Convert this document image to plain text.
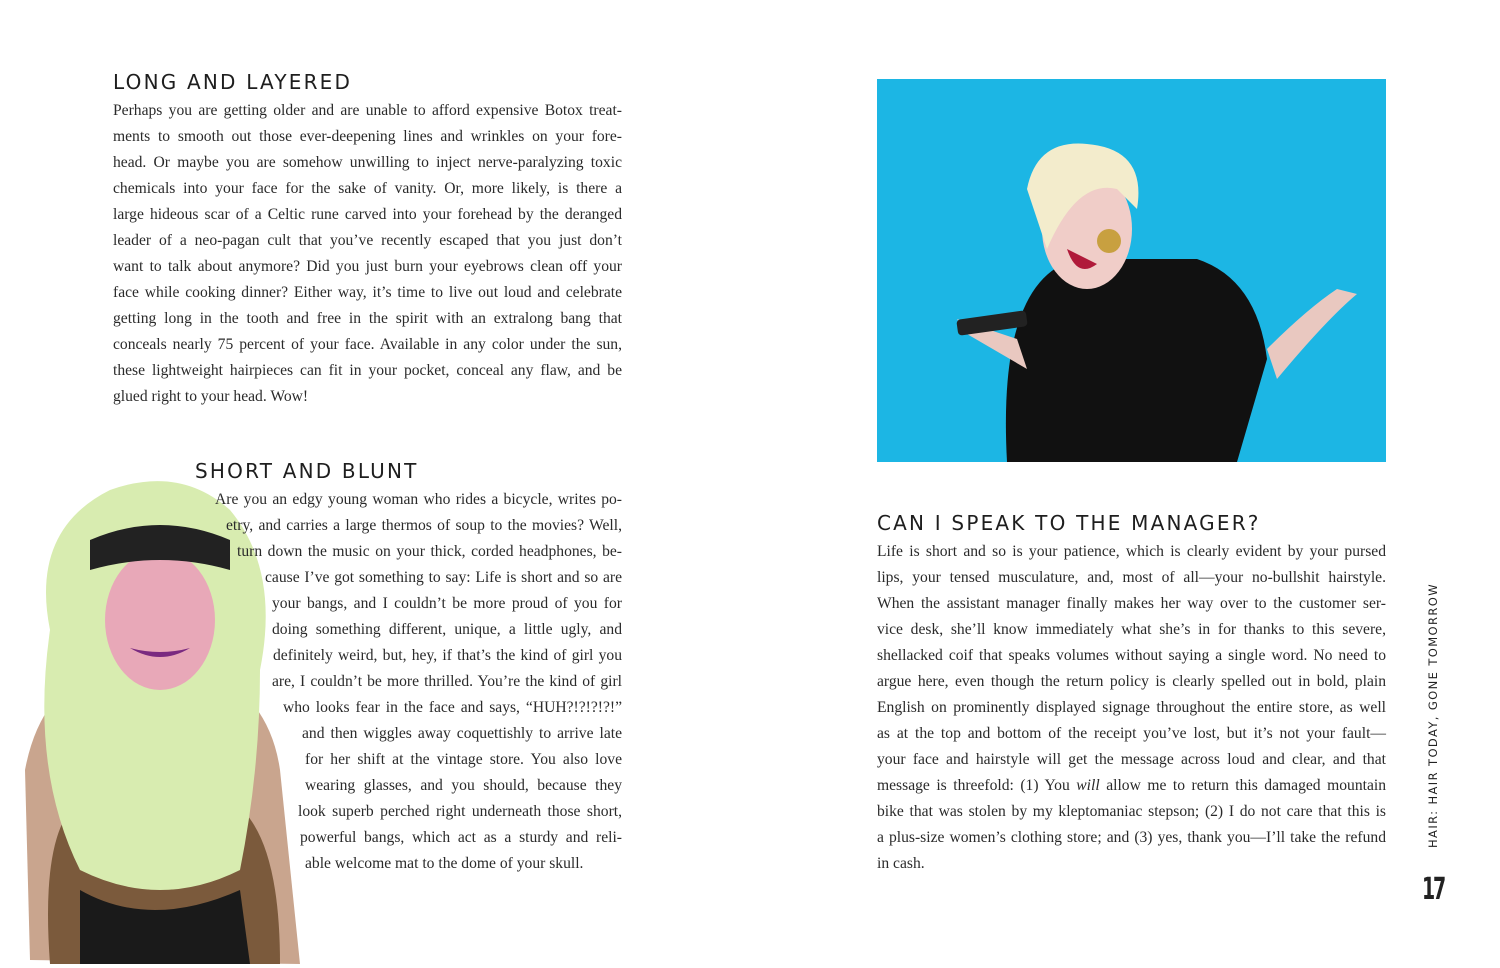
LONG AND LAYERED
Perhaps you are getting older and are unable to afford expensive Botox treat-
ments to smooth out those ever-deepening lines and wrinkles on your fore-
head. Or maybe you are somehow unwilling to inject nerve-paralyzing toxic
chemicals into your face for the sake of vanity. Or, more likely, is there a
large hideous scar of a Celtic rune carved into your forehead by the deranged
leader of a neo-pagan cult that you’ve recently escaped that you just don’t
want to talk about anymore? Did you just burn your eyebrows clean off your
face while cooking dinner? Either way, it’s time to live out loud and celebrate
getting long in the tooth and free in the spirit with an extralong bang that
conceals nearly 75 percent of your face. Available in any color under the sun,
these lightweight hairpieces can fit in your pocket, conceal any flaw, and be
glued right to your head. Wow!
SHORT AND BLUNT
Are you an edgy young woman who rides a bicycle, writes po-
etry, and carries a large thermos of soup to the movies? Well,
turn down the music on your thick, corded headphones, be-
cause I’ve got something to say: Life is short and so are
your bangs, and I couldn’t be more proud of you for
doing something different, unique, a little ugly, and
definitely weird, but, hey, if that’s the kind of girl you
are, I couldn’t be more thrilled. You’re the kind of girl
who looks fear in the face and says, “HUH?!?!?!?!”
and then wiggles away coquettishly to arrive late
for her shift at the vintage store. You also love
wearing glasses, and you should, because they
look superb perched right underneath those short,
powerful bangs, which act as a sturdy and reli-
able welcome mat to the dome of your skull.
CAN I SPEAK TO THE MANAGER?
Life is short and so is your patience, which is clearly evident by your pursed
lips, your tensed musculature, and, most of all—your no-bullshit hairstyle.
When the assistant manager finally makes her way over to the customer ser-
vice desk, she’ll know immediately what she’s in for thanks to this severe,
shellacked coif that speaks volumes without saying a single word. No need to
argue here, even though the return policy is clearly spelled out in bold, plain
English on prominently displayed signage throughout the entire store, as well
as at the top and bottom of the receipt you’ve lost, but it’s not your fault—
your face and hairstyle will get the message across loud and clear, and that
message is threefold: (1) You will allow me to return this damaged mountain
bike that was stolen by my kleptomaniac stepson; (2) I do not care that this is
a plus-size women’s clothing store; and (3) yes, thank you—I’ll take the refund
in cash.
HAIR: HAIR TODAY, GONE TOMORROW
17
